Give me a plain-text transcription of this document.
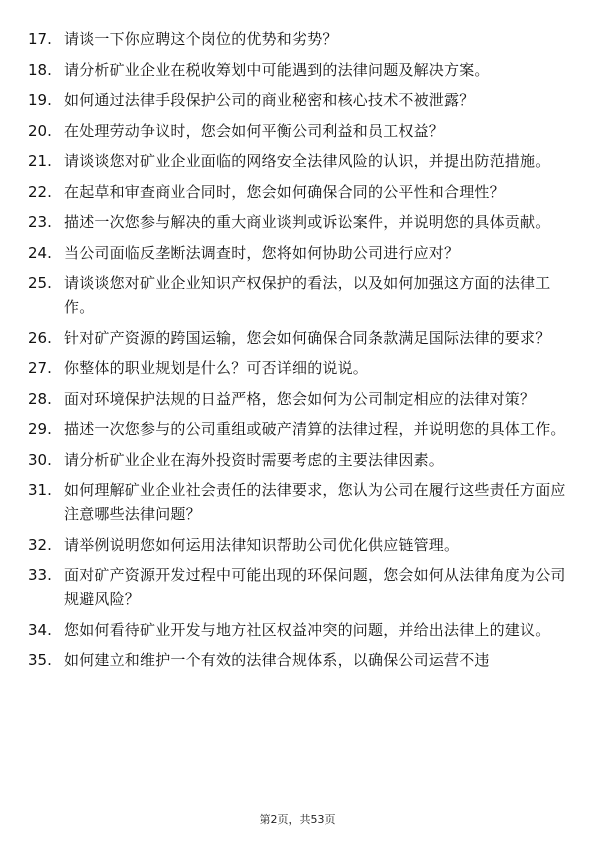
17. 请谈一下你应聘这个岗位的优势和劣势？
18. 请分析矿业企业在税收筹划中可能遇到的法律问题及解决方案。
19. 如何通过法律手段保护公司的商业秘密和核心技术不被泄露？
20. 在处理劳动争议时，您会如何平衡公司利益和员工权益？
21. 请谈谈您对矿业企业面临的网络安全法律风险的认识，并提出防范措施。
22. 在起草和审查商业合同时，您会如何确保合同的公平性和合理性？
23. 描述一次您参与解决的重大商业谈判或诉讼案件，并说明您的具体贡献。
24. 当公司面临反垄断法调查时，您将如何协助公司进行应对？
25. 请谈谈您对矿业企业知识产权保护的看法，以及如何加强这方面的法律工作。
26. 针对矿产资源的跨国运输，您会如何确保合同条款满足国际法律的要求？
27. 你整体的职业规划是什么？可否详细的说说。
28. 面对环境保护法规的日益严格，您会如何为公司制定相应的法律对策？
29. 描述一次您参与的公司重组或破产清算的法律过程，并说明您的具体工作。
30. 请分析矿业企业在海外投资时需要考虑的主要法律因素。
31. 如何理解矿业企业社会责任的法律要求，您认为公司在履行这些责任方面应注意哪些法律问题？
32. 请举例说明您如何运用法律知识帮助公司优化供应链管理。
33. 面对矿产资源开发过程中可能出现的环保问题，您会如何从法律角度为公司规避风险？
34. 您如何看待矿业开发与地方社区权益冲突的问题，并给出法律上的建议。
35. 如何建立和维护一个有效的法律合规体系，以确保公司运营不违
第2页，共53页
